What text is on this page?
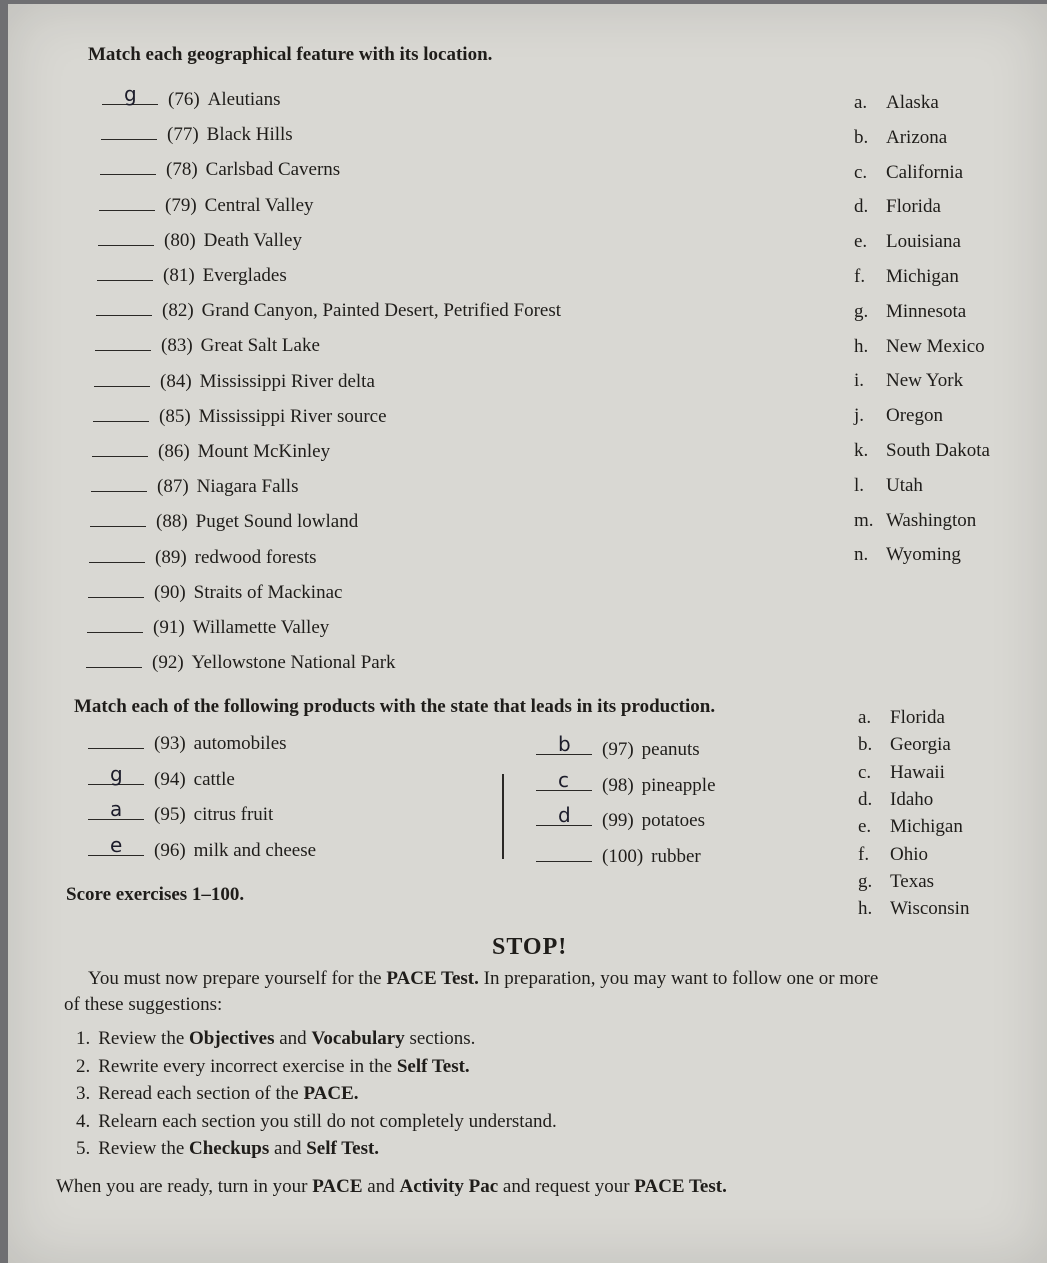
Match each geographical feature with its location.
g (76) Aleutians
(77) Black Hills
(78) Carlsbad Caverns
(79) Central Valley
(80) Death Valley
(81) Everglades
(82) Grand Canyon, Painted Desert, Petrified Forest
(83) Great Salt Lake
(84) Mississippi River delta
(85) Mississippi River source
(86) Mount McKinley
(87) Niagara Falls
(88) Puget Sound lowland
(89) redwood forests
(90) Straits of Mackinac
(91) Willamette Valley
(92) Yellowstone National Park
a. Alaska
b. Arizona
c. California
d. Florida
e. Louisiana
f. Michigan
g. Minnesota
h. New Mexico
i. New York
j. Oregon
k. South Dakota
l. Utah
m. Washington
n. Wyoming
Match each of the following products with the state that leads in its production.
(93) automobiles
g (94) cattle
a (95) citrus fruit
e (96) milk and cheese
b (97) peanuts
c (98) pineapple
d (99) potatoes
(100) rubber
a. Florida
b. Georgia
c. Hawaii
d. Idaho
e. Michigan
f. Ohio
g. Texas
h. Wisconsin
Score exercises 1–100.
STOP!
You must now prepare yourself for the PACE Test. In preparation, you may want to follow one or more
of these suggestions:
1. Review the Objectives and Vocabulary sections.
2. Rewrite every incorrect exercise in the Self Test.
3. Reread each section of the PACE.
4. Relearn each section you still do not completely understand.
5. Review the Checkups and Self Test.
When you are ready, turn in your PACE and Activity Pac and request your PACE Test.
